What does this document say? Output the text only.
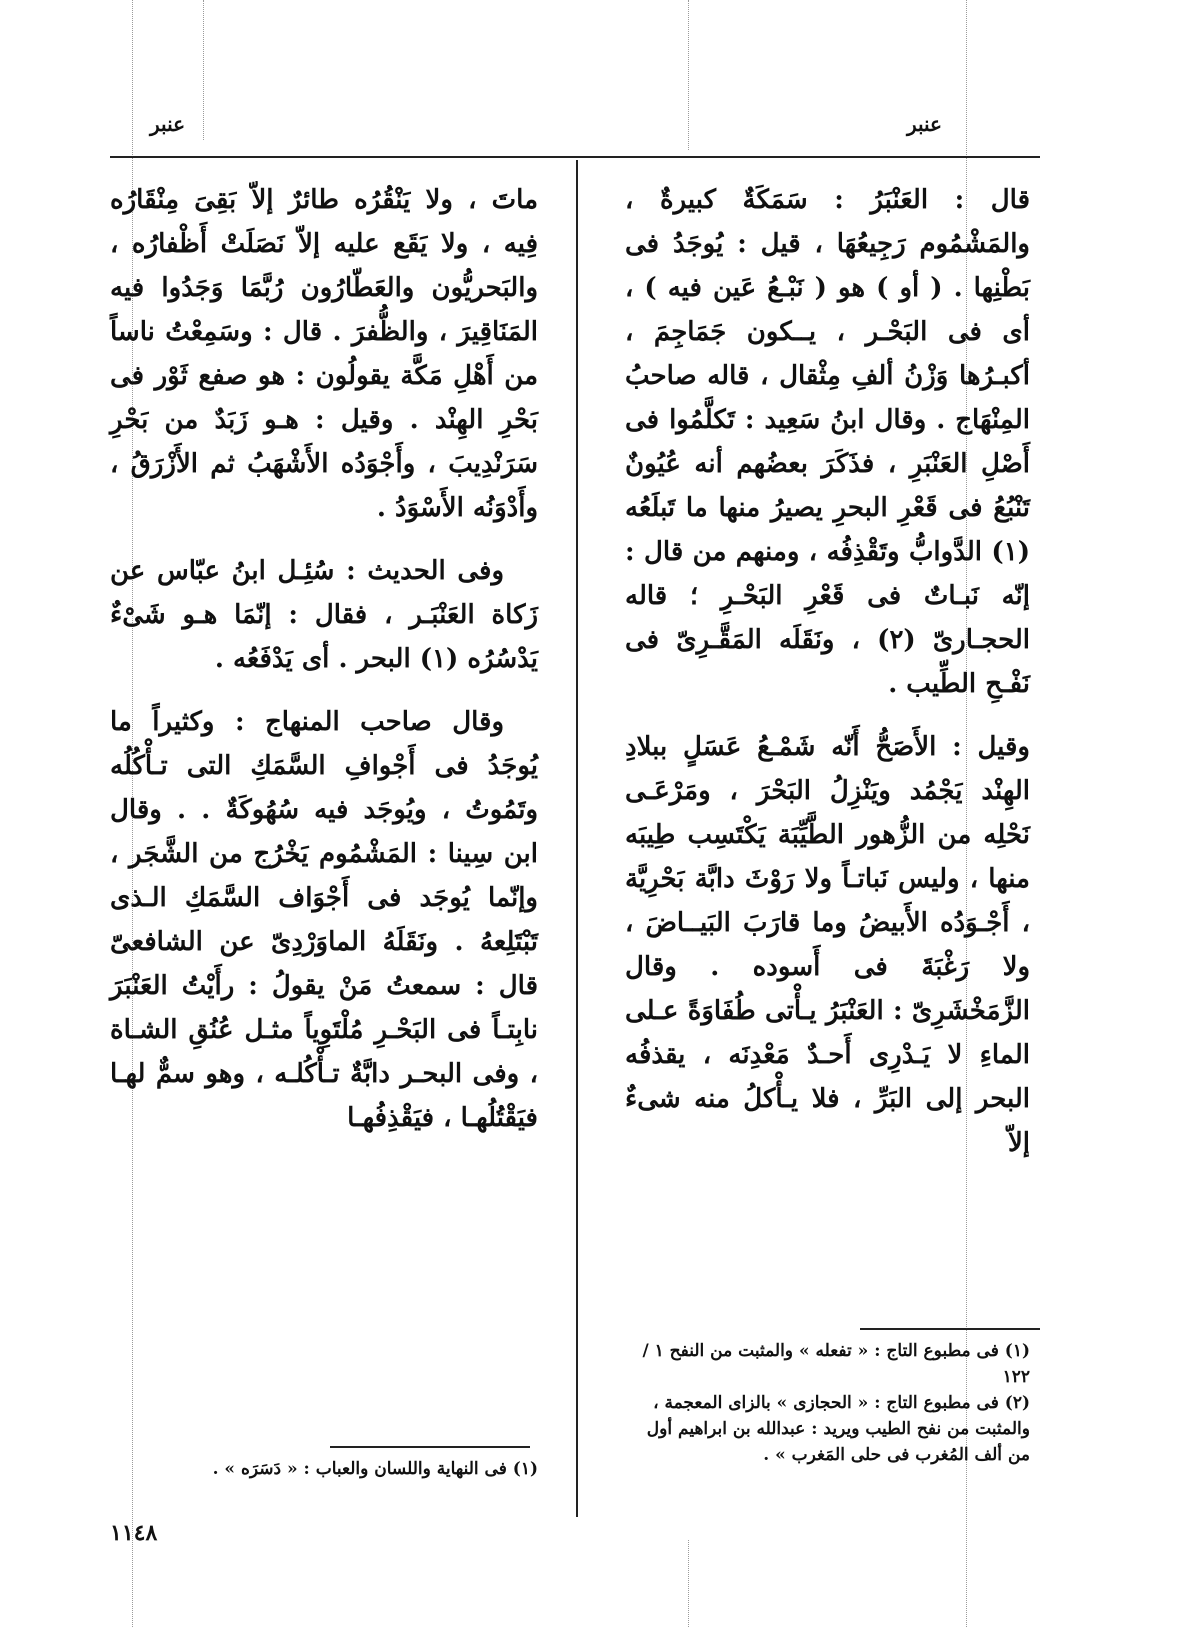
عنبر
عنبر

قال : العَنْبَرُ : سَمَكَةٌ كبيرةٌ ، والمَشْمُوم رَجِيعُهَا ، قيل : يُوجَدُ فى بَطْنِها . ( أو ) هو ( نَبْـعُ عَين فيه ) ، أى فى البَحْـر ، يــكون جَمَاجِمَ ، أكبـرُها وَزْنُ ألفِ مِثْقال ، قاله صاحبُ المِنْهَاج . وقال ابنُ سَعِيد : تَكلَّمُوا فى أَصْلِ العَنْبَرِ ، فذَكَرَ بعضُهم أنه عُيُونٌ تَنْبُعُ فى قَعْرِ البحرِ يصيرُ منها ما تَبلَعُه (١) الدَّوابُّ وتَقْذِفُه ، ومنهم من قال : إنّه نَبـاتٌ فى قَعْرِ البَحْـرِ ؛ قاله الحجـارىّ (٢) ، ونَقَلَه المَقَّـرِىّ فى نَفْـحِ الطِّيب .

وقيل : الأَصَحُّ أَنّه شَمْـعُ عَسَلٍ ببلادِ الهِنْد يَجْمُد ويَنْزِلُ البَحْرَ ، ومَرْعَـى نَحْلِه من الزُّهور الطَّيِّبَة يَكْتَسِب طِيبَه منها ، وليس نَباتـاً ولا رَوْثَ دابَّة بَحْرِيَّة ، أَجْـوَدُه الأَبيضُ وما قارَبَ البَيــاضَ ، ولا رَغْبَةَ فى أَسوده . وقال الزَّمَخْشَرِىّ : العَنْبَرُ يـأْتى طُفَاوَةً عـلى الماءِ لا يَـدْرِى أَحـدٌ مَعْدِنَه ، يقذفُه البحر إلى البَرِّ ، فلا يـأْكلُ منه شىءٌ إلاّ

(١) فى مطبوع التاج : « تفعله » والمثبت من النفح ١ / ١٢٢
(٢) فى مطبوع التاج : « الحجازى » بالزاى المعجمة ، والمثبت من نفح الطيب ويريد : عبدالله بن ابراهيم أول من ألف المُغرب فى حلى المَغرب » .

ماتَ ، ولا يَنْقُرُه طائرٌ إلاّ بَقِىَ مِنْقَارُه فِيه ، ولا يَقَع عليه إلاّ نَصَلَتْ أَظْفارُه ، والبَحريُّون والعَطّارُون رُبَّمَا وَجَدُوا فيه المَنَاقِيرَ ، والظُّفرَ . قال : وسَمِعْتُ ناساً من أَهْلِ مَكَّة يقولُون : هو صفع ثَوْر فى بَحْرِ الهِنْد . وقيل : هـو زَبَدٌ من بَحْرِ سَرَنْدِيبَ ، وأَجْوَدُه الأَشْهَبُ ثم الأَزْرَقُ ، وأَدْوَنُه الأَسْوَدُ .

وفى الحديث : سُئِـل ابنُ عبّاس عن زَكاة العَنْبَـر ، فقال : إنّمَا هـو شَىْءٌ يَدْسُرُه (١) البحر . أى يَدْفَعُه .

وقال صاحب المنهاج : وكثيراً ما يُوجَدُ فى أَجْوافِ السَّمَكِ التى تـأْكُلُه وتَمُوتُ ، ويُوجَد فيه سُهُوكَةٌ . . وقال ابن سِينا : المَشْمُوم يَخْرُج من الشَّجَر ، وإنّما يُوجَد فى أَجْوَاف السَّمَكِ الـذى تَبْتَلِعهُ . ونَقَلَهُ الماوَرْدِىّ عن الشافعىّ قال : سمعتُ مَنْ يقولُ : رأَيْتُ العَنْبَرَ نابِتـاً فى البَحْـرِ مُلْتَوِياً مثـل عُنُقِ الشـاة ، وفى البحـر دابَّةٌ تـأْكُلـه ، وهو سمٌّ لهـا فيَقْتُلُهـا ، فيَقْذِفُهـا

(١) فى النهاية واللسان والعباب : « دَسَرَه » .
١١٤٨
